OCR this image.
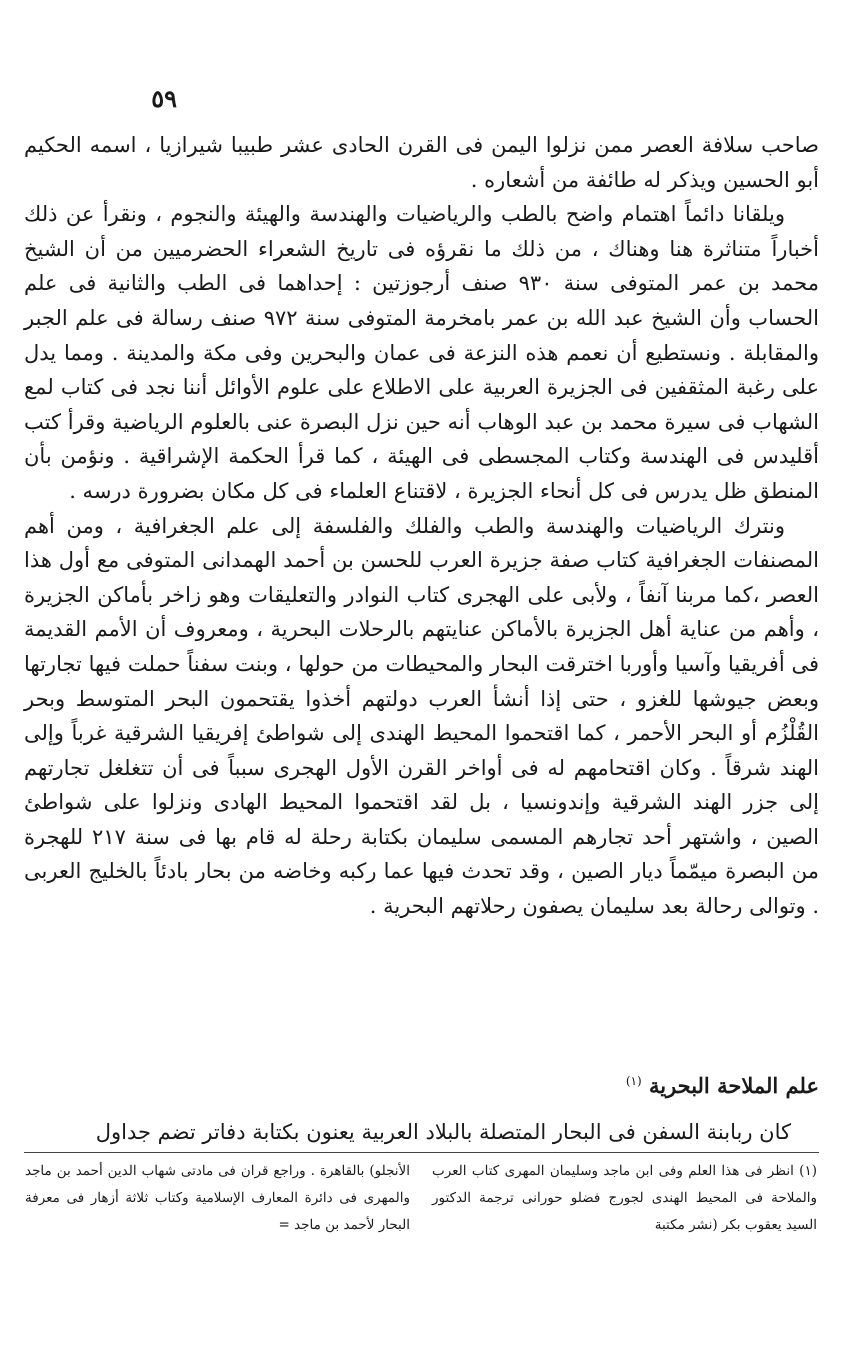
٥٩

صاحب سلافة العصر ممن نزلوا اليمن فى القرن الحادى عشر طبيبا شيرازيا ، اسمه الحكيم أبو الحسين ويذكر له طائفة من أشعاره .

ويلقانا دائماً اهتمام واضح بالطب والرياضيات والهندسة والهيئة والنجوم ، ونقرأ عن ذلك أخباراً متناثرة هنا وهناك ، من ذلك ما نقرؤه فى تاريخ الشعراء الحضرميين من أن الشيخ محمد بن عمر المتوفى سنة ٩٣٠ صنف أرجوزتين : إحداهما فى الطب والثانية فى علم الحساب وأن الشيخ عبد الله بن عمر بامخرمة المتوفى سنة ٩٧٢ صنف رسالة فى علم الجبر والمقابلة . ونستطيع أن نعمم هذه النزعة فى عمان والبحرين وفى مكة والمدينة . ومما يدل على رغبة المثقفين فى الجزيرة العربية على الاطلاع على علوم الأوائل أننا نجد فى كتاب لمع الشهاب فى سيرة محمد بن عبد الوهاب أنه حين نزل البصرة عنى بالعلوم الرياضية وقرأ كتب أقليدس فى الهندسة وكتاب المجسطى فى الهيئة ، كما قرأ الحكمة الإشراقية . ونؤمن بأن المنطق ظل يدرس فى كل أنحاء الجزيرة ، لاقتناع العلماء فى كل مكان بضرورة درسه .

ونترك الرياضيات والهندسة والطب والفلك والفلسفة إلى علم الجغرافية ، ومن أهم المصنفات الجغرافية كتاب صفة جزيرة العرب للحسن بن أحمد الهمدانى المتوفى مع أول هذا العصر ،كما مربنا آنفاً ، ولأبى على الهجرى كتاب النوادر والتعليقات وهو زاخر بأماكن الجزيرة ، وأهم من عناية أهل الجزيرة بالأماكن عنايتهم بالرحلات البحرية ، ومعروف أن الأمم القديمة فى أفريقيا وآسيا وأوربا اخترقت البحار والمحيطات من حولها ، وبنت سفناً حملت فيها تجارتها وبعض جيوشها للغزو ، حتى إذا أنشأ العرب دولتهم أخذوا يقتحمون البحر المتوسط وبحر القُلْزُم أو البحر الأحمر ، كما اقتحموا المحيط الهندى إلى شواطئ إفريقيا الشرقية غرباً وإلى الهند شرقاً . وكان اقتحامهم له فى أواخر القرن الأول الهجرى سبباً فى أن تتغلغل تجارتهم إلى جزر الهند الشرقية وإندونسيا ، بل لقد اقتحموا المحيط الهادى ونزلوا على شواطئ الصين ، واشتهر أحد تجارهم المسمى سليمان بكتابة رحلة له قام بها فى سنة ٢١٧ للهجرة من البصرة ميمّماً ديار الصين ، وقد تحدث فيها عما ركبه وخاضه من بحار بادئاً بالخليج العربى . وتوالى رحالة بعد سليمان يصفون رحلاتهم البحرية .

علم الملاحة البحرية $^{(١)}$
كان ربابنة السفن فى البحار المتصلة بالبلاد العربية يعنون بكتابة دفاتر تضم جداول
(١) انظر فى هذا العلم وفى ابن ماجد وسليمان المهرى كتاب العرب والملاحة فى المحيط الهندى لجورج فضلو حورانى ترجمة الدكتور السيد يعقوب بكر (نشر مكتبة
الأنجلو) بالقاهرة . وراجع قران فى مادتى شهاب الدين أحمد بن ماجد والمهرى فى دائرة المعارف الإسلامية وكتاب ثلاثة أزهار فى معرفة البحار لأحمد بن ماجد =
